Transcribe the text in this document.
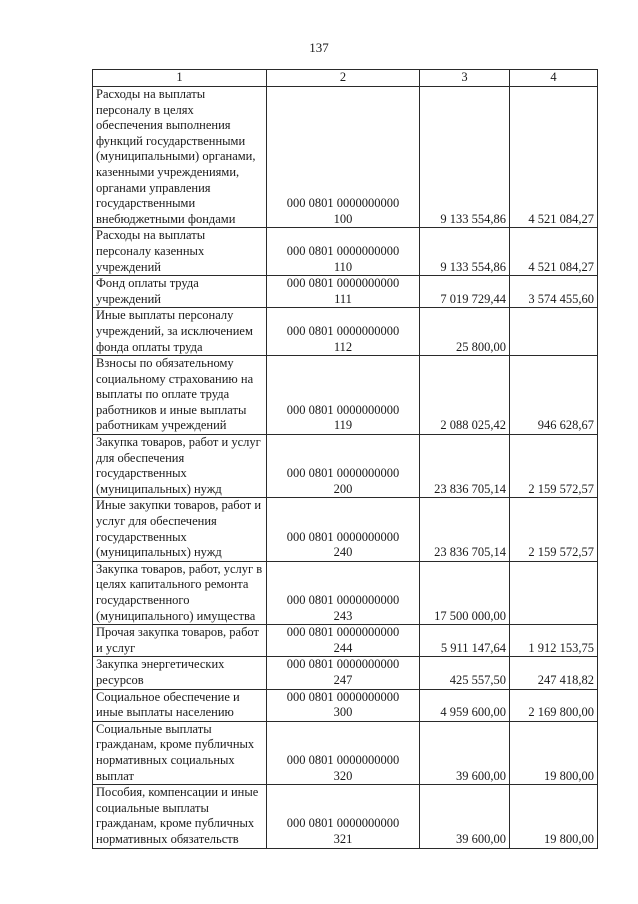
137
1	2	3	4
Расходы на выплаты персоналу в целях обеспечения выполнения функций государственными (муниципальными) органами, казенными учреждениями, органами управления государственными внебюджетными фондами	000 0801 0000000000
100	9 133 554,86	4 521 084,27
Расходы на выплаты персоналу казенных учреждений	000 0801 0000000000
110	9 133 554,86	4 521 084,27
Фонд оплаты труда учреждений	000 0801 0000000000
111	7 019 729,44	3 574 455,60
Иные выплаты персоналу учреждений, за исключением фонда оплаты труда	000 0801 0000000000
112	25 800,00	
Взносы по обязательному социальному страхованию на выплаты по оплате труда работников и иные выплаты работникам учреждений	000 0801 0000000000
119	2 088 025,42	946 628,67
Закупка товаров, работ и услуг для обеспечения государственных (муниципальных) нужд	000 0801 0000000000
200	23 836 705,14	2 159 572,57
Иные закупки товаров, работ и услуг для обеспечения государственных (муниципальных) нужд	000 0801 0000000000
240	23 836 705,14	2 159 572,57
Закупка товаров, работ, услуг в целях капитального ремонта государственного (муниципального) имущества	000 0801 0000000000
243	17 500 000,00	
Прочая закупка товаров, работ и услуг	000 0801 0000000000
244	5 911 147,64	1 912 153,75
Закупка энергетических ресурсов	000 0801 0000000000
247	425 557,50	247 418,82
Социальное обеспечение и иные выплаты населению	000 0801 0000000000
300	4 959 600,00	2 169 800,00
Социальные выплаты гражданам, кроме публичных нормативных социальных выплат	000 0801 0000000000
320	39 600,00	19 800,00
Пособия, компенсации и иные социальные выплаты гражданам, кроме публичных нормативных обязательств	000 0801 0000000000
321	39 600,00	19 800,00
